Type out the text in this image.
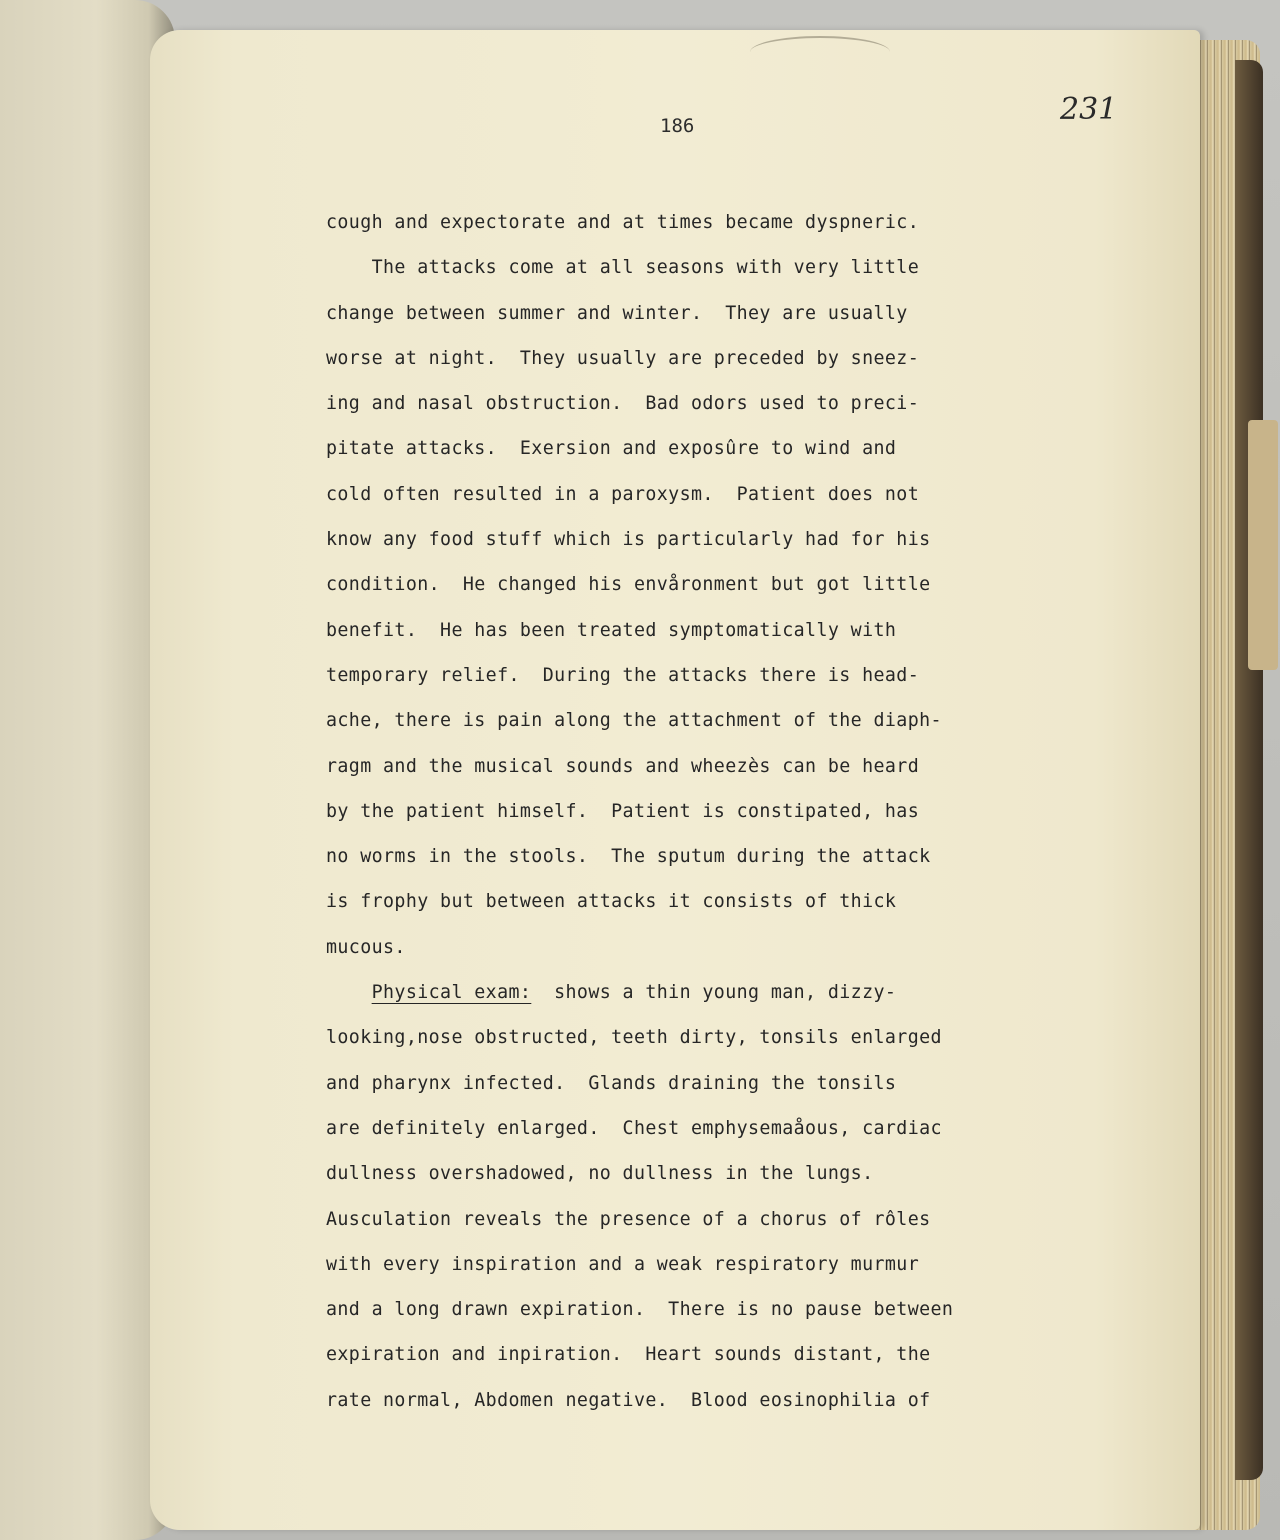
186	231
cough and expectorate and at times became dyspneric.
The attacks come at all seasons with very little
change between summer and winter.  They are usually
worse at night.  They usually are preceded by sneez-
ing and nasal obstruction.  Bad odors used to preci-
pitate attacks.  Exersion and exposûre to wind and
cold often resulted in a paroxysm.  Patient does not
know any food stuff which is particularly had for his
condition.  He changed his envåronment but got little
benefit.  He has been treated symptomatically with
temporary relief.  During the attacks there is head-
ache, there is pain along the attachment of the diaph-
ragm and the musical sounds and wheezès can be heard
by the patient himself.  Patient is constipated, has
no worms in the stools.  The sputum during the attack
is frophy but between attacks it consists of thick
mucous.
Physical exam:  shows a thin young man, dizzy-
looking,nose obstructed, teeth dirty, tonsils enlarged
and pharynx infected.  Glands draining the tonsils
are definitely enlarged.  Chest emphysemaåous, cardiac
dullness overshadowed, no dullness in the lungs.
Ausculation reveals the presence of a chorus of rôles
with every inspiration and a weak respiratory murmur
and a long drawn expiration.  There is no pause between
expiration and inpiration.  Heart sounds distant, the
rate normal, Abdomen negative.  Blood eosinophilia of
